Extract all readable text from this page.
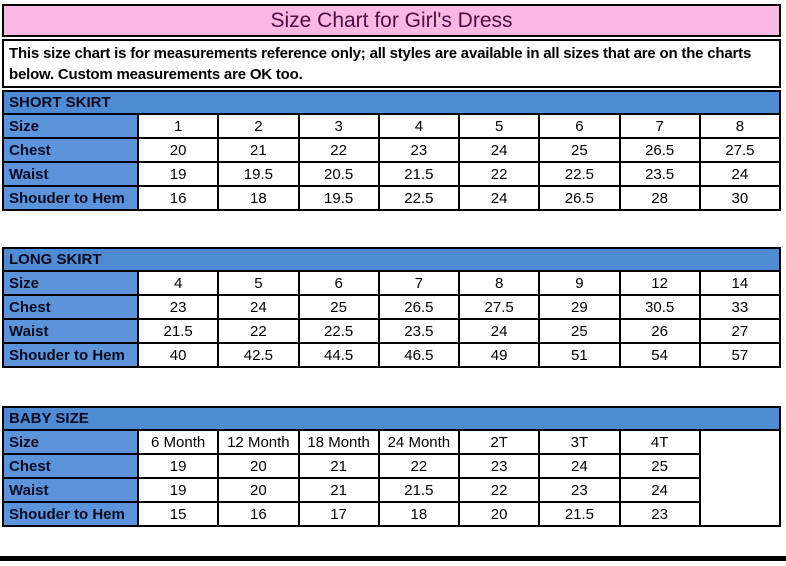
Size Chart for Girl's Dress
This size chart is for measurements reference only; all styles are available in all sizes that are on the charts below. Custom measurements are OK too.
SHORT SKIRT								
Size	1	2	3	4	5	6	7	8
Chest	20	21	22	23	24	25	26.5	27.5
Waist	19	19.5	20.5	21.5	22	22.5	23.5	24
Shouder to Hem	16	18	19.5	22.5	24	26.5	28	30
LONG SKIRT								
Size	4	5	6	7	8	9	12	14
Chest	23	24	25	26.5	27.5	29	30.5	33
Waist	21.5	22	22.5	23.5	24	25	26	27
Shouder to Hem	40	42.5	44.5	46.5	49	51	54	57
BABY SIZE								
Size	6 Month	12 Month	18 Month	24 Month	2T	3T	4T	
Chest	19	20	21	22	23	24	25	
Waist	19	20	21	21.5	22	23	24	
Shouder to Hem	15	16	17	18	20	21.5	23	
